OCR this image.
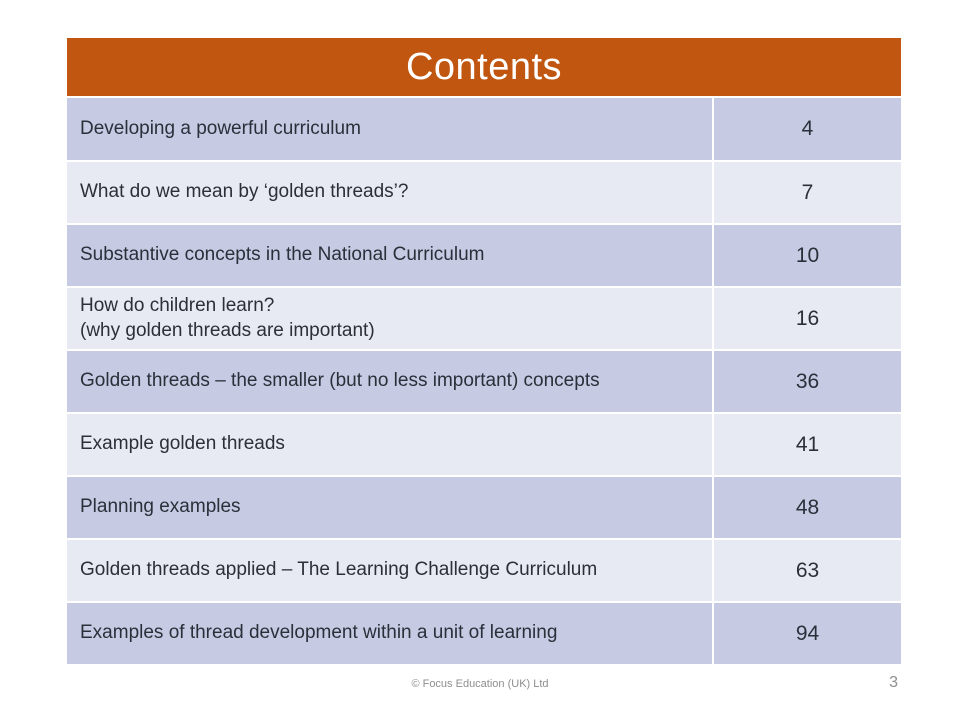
Contents
Developing a powerful curriculum	4
What do we mean by ‘golden threads’?	7
Substantive concepts in the National Curriculum	10
How do children learn?
(why golden threads are important)	16
Golden threads – the smaller (but no less important) concepts	36
Example golden threads	41
Planning examples	48
Golden threads applied – The Learning Challenge Curriculum	63
Examples of thread development within a unit of learning	94
© Focus Education (UK) Ltd	3
